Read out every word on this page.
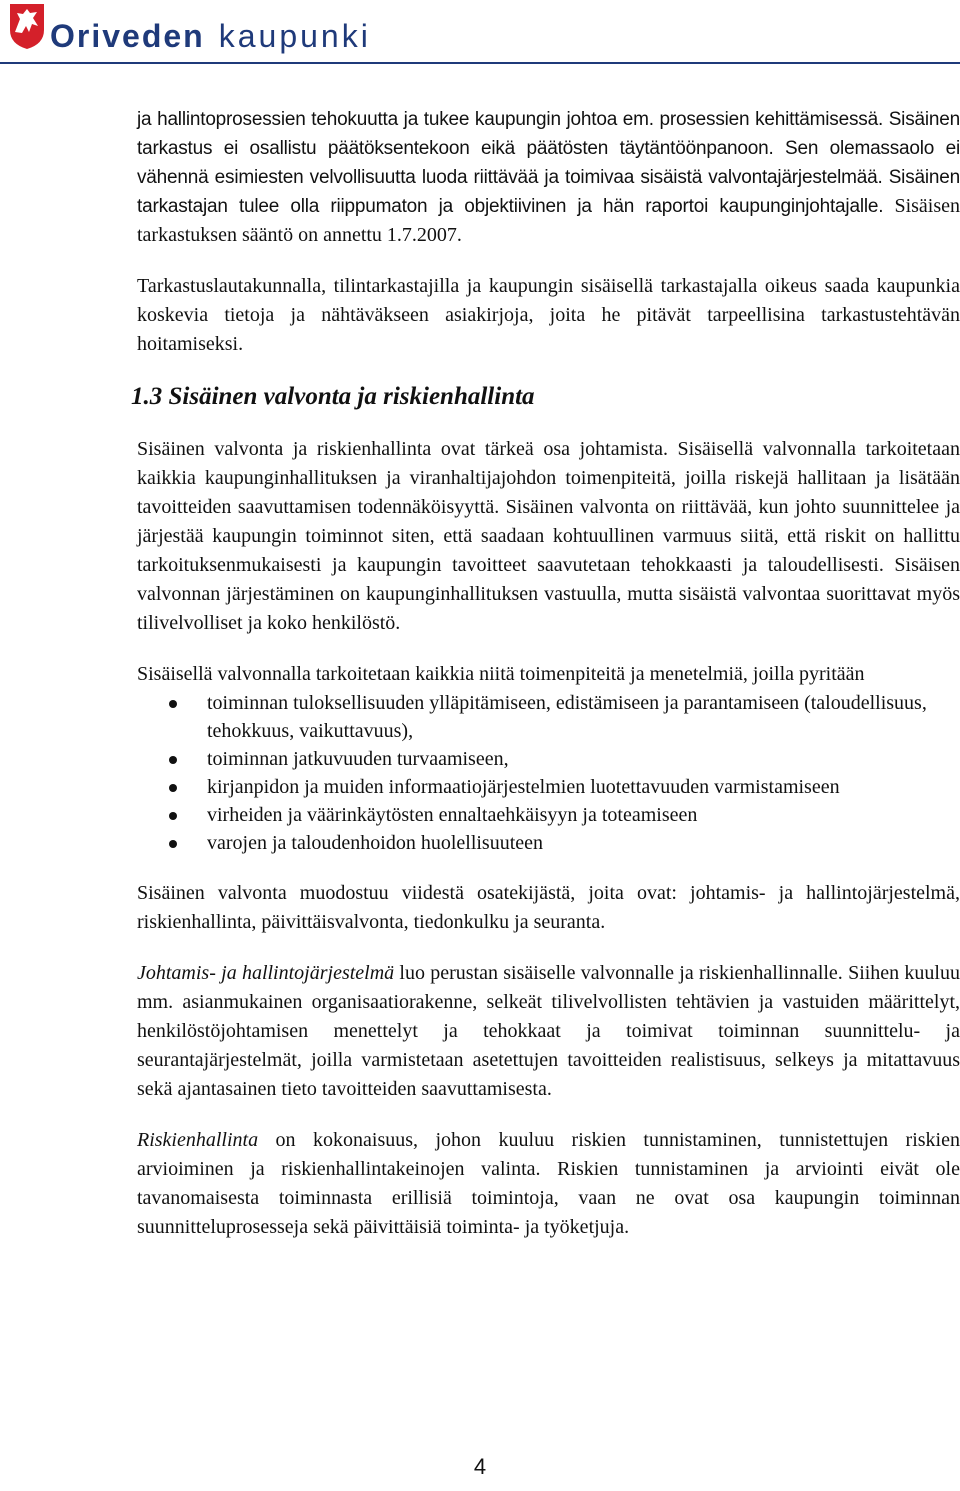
Oriveden kaupunki

ja hallintoprosessien tehokuutta ja tukee kaupungin johtoa em. prosessien kehittämisessä. Sisäinen tarkastus ei osallistu päätöksentekoon eikä päätösten täytäntöönpanoon. Sen olemassaolo ei vähennä esimiesten velvollisuutta luoda riittävää ja toimivaa sisäistä valvontajärjestelmää. Sisäinen tarkastajan tulee olla riippumaton ja objektiivinen ja hän raportoi kaupunginjohtajalle. Sisäisen tarkastuksen sääntö on annettu 1.7.2007.

Tarkastuslautakunnalla, tilintarkastajilla ja kaupungin sisäisellä tarkastajalla oikeus saada kaupunkia koskevia tietoja ja nähtäväkseen asiakirjoja, joita he pitävät tarpeellisina tarkastustehtävän hoitamiseksi.

1.3 Sisäinen valvonta ja riskienhallinta

Sisäinen valvonta ja riskienhallinta ovat tärkeä osa johtamista. Sisäisellä valvonnalla tarkoitetaan kaikkia kaupunginhallituksen ja viranhaltijajohdon toimenpiteitä, joilla riskejä hallitaan ja lisätään tavoitteiden saavuttamisen todennäköisyyttä. Sisäinen valvonta on riittävää, kun johto suunnittelee ja järjestää kaupungin toiminnot siten, että saadaan kohtuullinen varmuus siitä, että riskit on hallittu tarkoituksenmukaisesti ja kaupungin tavoitteet saavutetaan tehokkaasti ja taloudellisesti. Sisäisen valvonnan järjestäminen on kaupunginhallituksen vastuulla, mutta sisäistä valvontaa suorittavat myös tilivelvolliset ja koko henkilöstö.

Sisäisellä valvonnalla tarkoitetaan kaikkia niitä toimenpiteitä ja menetelmiä, joilla pyritään

toiminnan tuloksellisuuden ylläpitämiseen, edistämiseen ja parantamiseen (taloudellisuus, tehokkuus, vaikuttavuus),
toiminnan jatkuvuuden turvaamiseen,
kirjanpidon ja muiden informaatiojärjestelmien luotettavuuden varmistamiseen
virheiden ja väärinkäytösten ennaltaehkäisyyn ja toteamiseen
varojen ja taloudenhoidon huolellisuuteen

Sisäinen valvonta muodostuu viidestä osatekijästä, joita ovat: johtamis- ja hallintojärjestelmä, riskienhallinta, päivittäisvalvonta, tiedonkulku ja seuranta.

Johtamis- ja hallintojärjestelmä luo perustan sisäiselle valvonnalle ja riskienhallinnalle. Siihen kuuluu mm. asianmukainen organisaatiorakenne, selkeät tilivelvollisten tehtävien ja vastuiden määrittelyt, henkilöstöjohtamisen menettelyt ja tehokkaat ja toimivat toiminnan suunnittelu- ja seurantajärjestelmät, joilla varmistetaan asetettujen tavoitteiden realistisuus, selkeys ja mitattavuus sekä ajantasainen tieto tavoitteiden saavuttamisesta.

Riskienhallinta on kokonaisuus, johon kuuluu riskien tunnistaminen, tunnistettujen riskien arvioiminen ja riskienhallintakeinojen valinta. Riskien tunnistaminen ja arviointi eivät ole tavanomaisesta toiminnasta erillisiä toimintoja, vaan ne ovat osa kaupungin toiminnan suunnitteluprosesseja sekä päivittäisiä toiminta- ja työketjuja.

4
